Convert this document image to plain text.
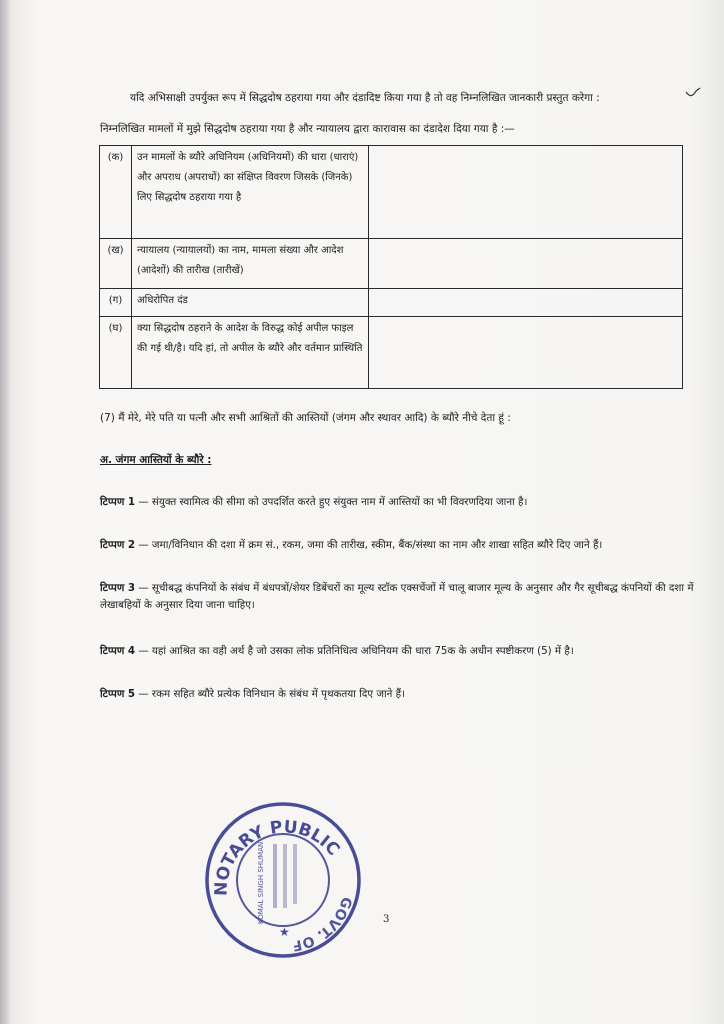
यदि अभिसाक्षी उपर्युक्त रूप में सिद्धदोष ठहराया गया और दंडादिष्ट किया गया है तो वह निम्नलिखित जानकारी प्रस्तुत करेगा :
निम्नलिखित मामलों में मुझे सिद्धदोष ठहराया गया है और न्यायालय द्वारा कारावास का दंडादेश दिया गया है :—
(क)	उन मामलों के ब्यौरे अधिनियम (अधिनियमों) की धारा (धाराएं) और अपराध (अपराधों) का संक्षिप्त विवरण जिसके (जिनके) लिए सिद्धदोष ठहराया गया है	
(ख)	न्यायालय (न्यायालयों) का नाम, मामला संख्या और आदेश (आदेशों) की तारीख (तारीखें)	
(ग)	अधिरोपित दंड	
(घ)	क्या सिद्धदोष ठहराने के आदेश के विरुद्ध कोई अपील फाइल की गई थी/है। यदि हां, तो अपील के ब्यौरे और वर्तमान प्रास्थिति	
(7) मैं मेरे, मेरे पति या पत्नी और सभी आश्रितों की आस्तियों (जंगम और स्थावर आदि) के ब्यौरे नीचे देता हूं :
अ. जंगम आस्तियों के ब्यौरे :
टिप्पण 1 — संयुक्त स्वामित्व की सीमा को उपदर्शित करते हुए संयुक्त नाम में आस्तियों का भी विवरणदिया जाना है।
टिप्पण 2 — जमा/विनिधान की दशा में क्रम सं., रकम, जमा की तारीख, स्कीम, बैंक/संस्था का नाम और शाखा सहित ब्यौरे दिए जाने हैं।
टिप्पण 3 — सूचीबद्ध कंपनियों के संबंध में बंधपत्रों/शेयर डिबेंचरों का मूल्य स्टॉक एक्सचेंजों में चालू बाजार मूल्य के अनुसार और गैर सूचीबद्ध कंपनियों की दशा में लेखाबहियों के अनुसार दिया जाना चाहिए।
टिप्पण 4 — यहां आश्रित का वही अर्थ है जो उसका लोक प्रतिनिधित्व अधिनियम की धारा 75क के अधीन स्पष्टीकरण (5) में है।
टिप्पण 5 — रकम सहित ब्यौरे प्रत्येक विनिधान के संबंध में पृथकतया दिए जाने हैं।
NOTARY PUBLIC
GOVT. OF
KOMAL SINGH SHUMAN
★
3
